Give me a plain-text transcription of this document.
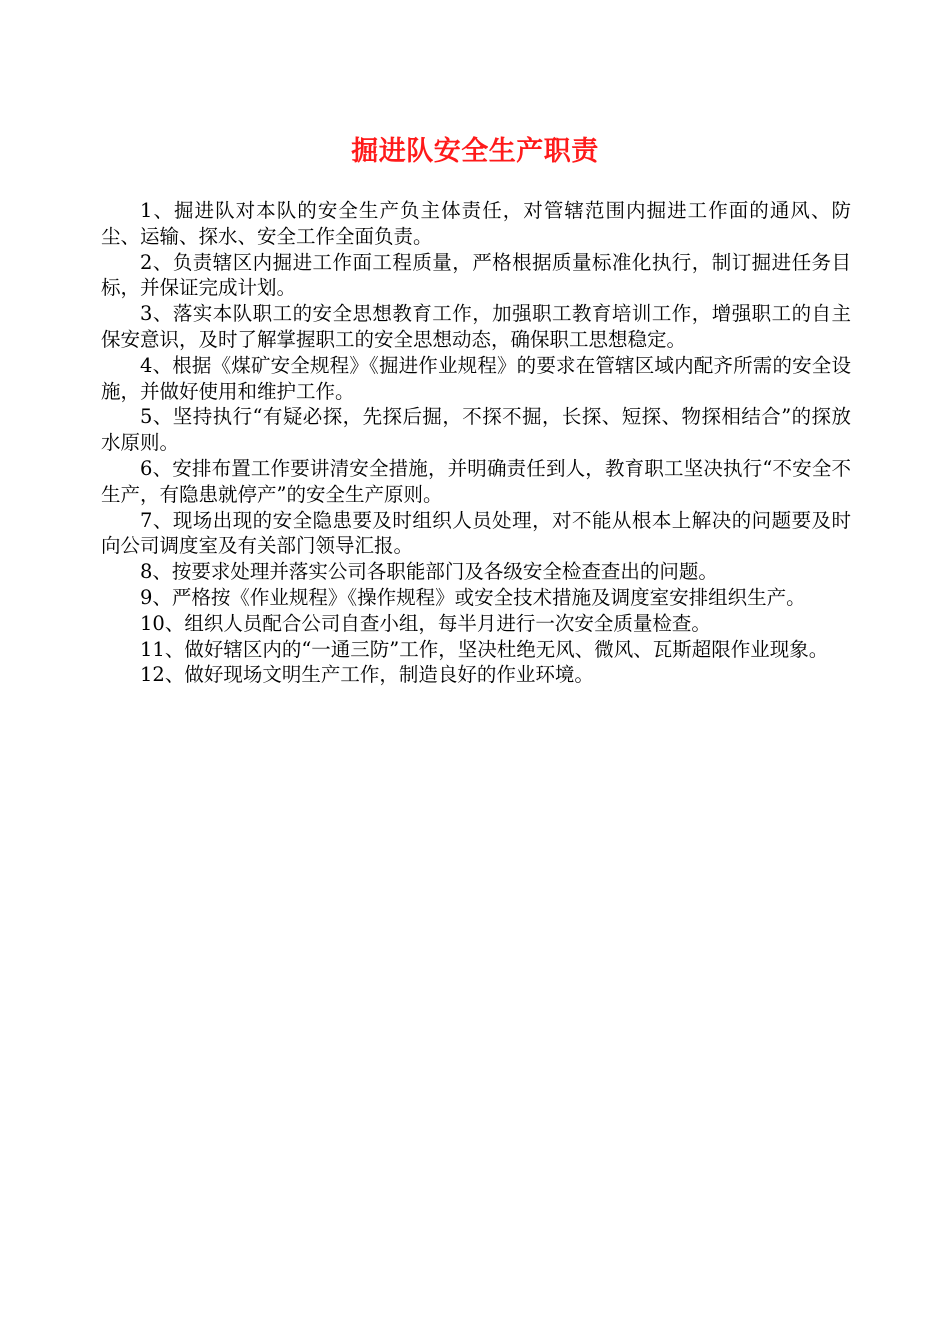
掘进队安全生产职责

1、掘进队对本队的安全生产负主体责任，对管辖范围内掘进工作面的通风、防尘、运输、探水、安全工作全面负责。

2、负责辖区内掘进工作面工程质量，严格根据质量标准化执行，制订掘进任务目标，并保证完成计划。

3、落实本队职工的安全思想教育工作，加强职工教育培训工作，增强职工的自主保安意识，及时了解掌握职工的安全思想动态，确保职工思想稳定。

4、根据《煤矿安全规程》《掘进作业规程》的要求在管辖区域内配齐所需的安全设施，并做好使用和维护工作。

5、坚持执行“有疑必探，先探后掘，不探不掘，长探、短探、物探相结合”的探放水原则。

6、安排布置工作要讲清安全措施，并明确责任到人，教育职工坚决执行“不安全不生产，有隐患就停产”的安全生产原则。

7、现场出现的安全隐患要及时组织人员处理，对不能从根本上解决的问题要及时向公司调度室及有关部门领导汇报。

8、按要求处理并落实公司各职能部门及各级安全检查查出的问题。

9、严格按《作业规程》《操作规程》或安全技术措施及调度室安排组织生产。

10、组织人员配合公司自查小组，每半月进行一次安全质量检查。

11、做好辖区内的“一通三防”工作，坚决杜绝无风、微风、瓦斯超限作业现象。

12、做好现场文明生产工作，制造良好的作业环境。
